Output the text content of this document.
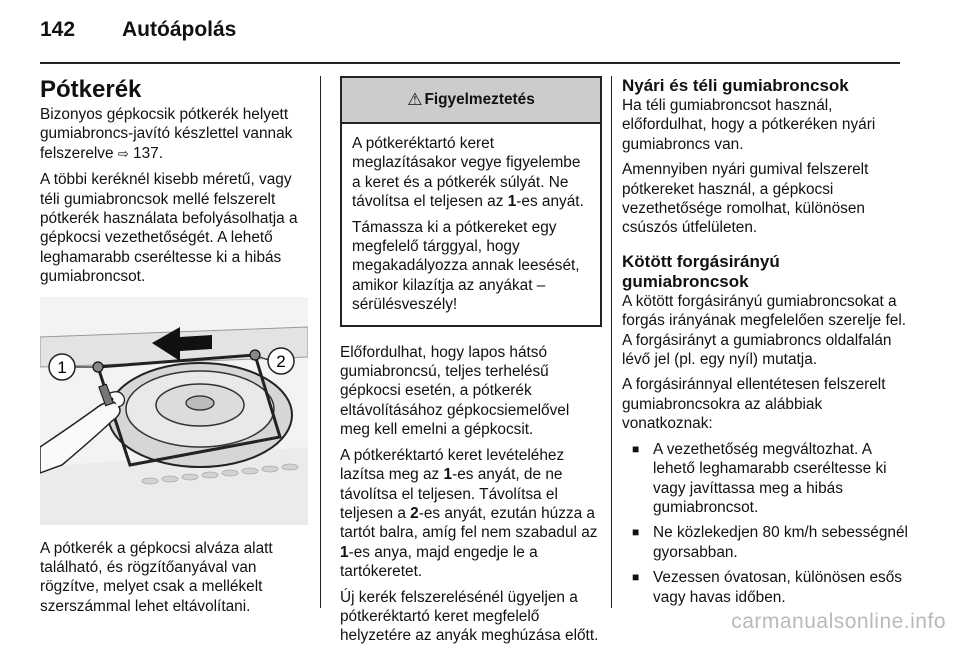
142 Autóápolás
Pótkerék

Bizonyos gépkocsik pótkerék helyett gumiabroncs-javító készlettel vannak felszerelve ⇨ 137.

A többi keréknél kisebb méretű, vagy téli gumiabroncsok mellé felszerelt pótkerék használata befolyásolhatja a gépkocsi vezethetőségét. A lehető leghamarabb cseréltesse ki a hibás gumiabroncsot.

1	2

A pótkerék a gépkocsi alváza alatt található, és rögzítőanyával van rögzítve, melyet csak a mellékelt szerszámmal lehet eltávolítani.

⚠ Figyelmeztetés

A pótkeréktartó keret meglazításakor vegye figyelembe a keret és a pótkerék súlyát. Ne távolítsa el teljesen az 1-es anyát.

Támassza ki a pótkereket egy megfelelő tárggyal, hogy megakadályozza annak leesését, amikor kilazítja az anyákat – sérülésveszély!

Előfordulhat, hogy lapos hátsó gumiabroncsú, teljes terhelésű gépkocsi esetén, a pótkerék eltávolításához gépkocsiemelővel meg kell emelni a gépkocsit.

A pótkeréktartó keret levételéhez lazítsa meg az 1-es anyát, de ne távolítsa el teljesen. Távolítsa el teljesen a 2-es anyát, ezután húzza a tartót balra, amíg fel nem szabadul az 1-es anya, majd engedje le a tartókeretet.

Új kerék felszerelésénél ügyeljen a pótkeréktartó keret megfelelő helyzetére az anyák meghúzása előtt.

Nyári és téli gumiabroncsok

Ha téli gumiabroncsot használ, előfordulhat, hogy a pótkeréken nyári gumiabroncs van.

Amennyiben nyári gumival felszerelt pótkereket használ, a gépkocsi vezethetősége romolhat, különösen csúszós útfelületen.

Kötött forgásirányú
gumiabroncsok

A kötött forgásirányú gumiabroncsokat a forgás irányának megfelelően szerelje fel. A forgásirányt a gumiabroncs oldalfalán lévő jel (pl. egy nyíl) mutatja.

A forgásiránnyal ellentétesen felszerelt gumiabroncsokra az alábbiak vonatkoznak:

■ A vezethetőség megváltozhat. A lehető leghamarabb cseréltesse ki vagy javíttassa meg a hibás gumiabroncsot.
■ Ne közlekedjen 80 km/h sebességnél gyorsabban.
■ Vezessen óvatosan, különösen esős vagy havas időben.
carmanualsonline.info
